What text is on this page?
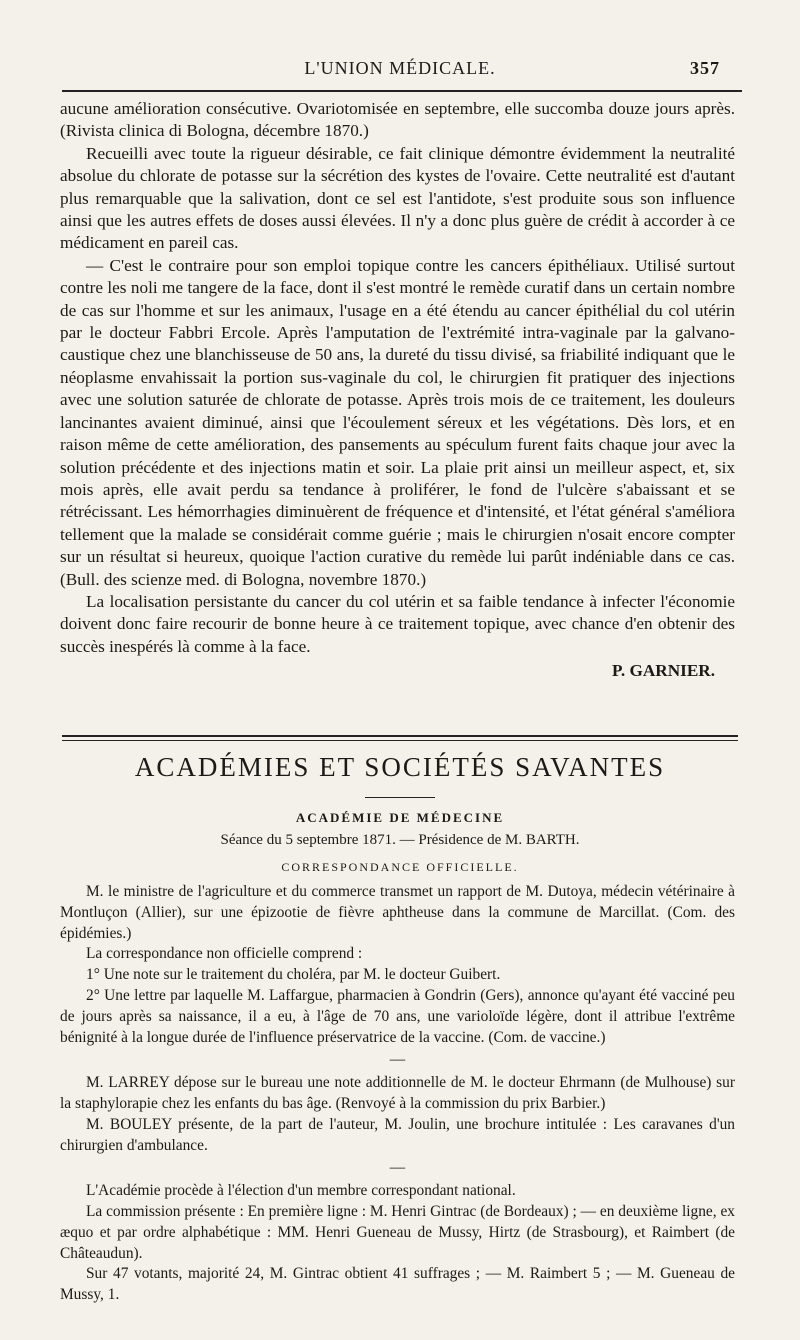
L'UNION MÉDICALE.	357

aucune amélioration consécutive. Ovariotomisée en septembre, elle succomba douze jours après. (Rivista clinica di Bologna, décembre 1870.)

Recueilli avec toute la rigueur désirable, ce fait clinique démontre évidemment la neutralité absolue du chlorate de potasse sur la sécrétion des kystes de l'ovaire. Cette neutralité est d'autant plus remarquable que la salivation, dont ce sel est l'antidote, s'est produite sous son influence ainsi que les autres effets de doses aussi élevées. Il n'y a donc plus guère de crédit à accorder à ce médicament en pareil cas.

— C'est le contraire pour son emploi topique contre les cancers épithéliaux. Utilisé surtout contre les noli me tangere de la face, dont il s'est montré le remède curatif dans un certain nombre de cas sur l'homme et sur les animaux, l'usage en a été étendu au cancer épithélial du col utérin par le docteur Fabbri Ercole. Après l'amputation de l'extrémité intra-vaginale par la galvano-caustique chez une blanchisseuse de 50 ans, la dureté du tissu divisé, sa friabilité indiquant que le néoplasme envahissait la portion sus-vaginale du col, le chirurgien fit pratiquer des injections avec une solution saturée de chlorate de potasse. Après trois mois de ce traitement, les douleurs lancinantes avaient diminué, ainsi que l'écoulement séreux et les végétations. Dès lors, et en raison même de cette amélioration, des pansements au spéculum furent faits chaque jour avec la solution précédente et des injections matin et soir. La plaie prit ainsi un meilleur aspect, et, six mois après, elle avait perdu sa tendance à proliférer, le fond de l'ulcère s'abaissant et se rétrécissant. Les hémorrhagies diminuèrent de fréquence et d'intensité, et l'état général s'améliora tellement que la malade se considérait comme guérie ; mais le chirurgien n'osait encore compter sur un résultat si heureux, quoique l'action curative du remède lui parût indéniable dans ce cas. (Bull. des scienze med. di Bologna, novembre 1870.)

La localisation persistante du cancer du col utérin et sa faible tendance à infecter l'économie doivent donc faire recourir de bonne heure à ce traitement topique, avec chance d'en obtenir des succès inespérés là comme à la face.

P. GARNIER.
ACADÉMIES ET SOCIÉTÉS SAVANTES
ACADÉMIE DE MÉDECINE
Séance du 5 septembre 1871. — Présidence de M. BARTH.
CORRESPONDANCE OFFICIELLE.

M. le ministre de l'agriculture et du commerce transmet un rapport de M. Dutoya, médecin vétérinaire à Montluçon (Allier), sur une épizootie de fièvre aphtheuse dans la commune de Marcillat. (Com. des épidémies.)

La correspondance non officielle comprend :

1° Une note sur le traitement du choléra, par M. le docteur Guibert.

2° Une lettre par laquelle M. Laffargue, pharmacien à Gondrin (Gers), annonce qu'ayant été vacciné peu de jours après sa naissance, il a eu, à l'âge de 70 ans, une varioloïde légère, dont il attribue l'extrême bénignité à la longue durée de l'influence préservatrice de la vaccine. (Com. de vaccine.)

—

M. LARREY dépose sur le bureau une note additionnelle de M. le docteur Ehrmann (de Mulhouse) sur la staphylorapie chez les enfants du bas âge. (Renvoyé à la commission du prix Barbier.)

M. BOULEY présente, de la part de l'auteur, M. Joulin, une brochure intitulée : Les caravanes d'un chirurgien d'ambulance.

—

L'Académie procède à l'élection d'un membre correspondant national.

La commission présente : En première ligne : M. Henri Gintrac (de Bordeaux) ; — en deuxième ligne, ex æquo et par ordre alphabétique : MM. Henri Gueneau de Mussy, Hirtz (de Strasbourg), et Raimbert (de Châteaudun).

Sur 47 votants, majorité 24, M. Gintrac obtient 41 suffrages ; — M. Raimbert 5 ; — M. Gueneau de Mussy, 1.
